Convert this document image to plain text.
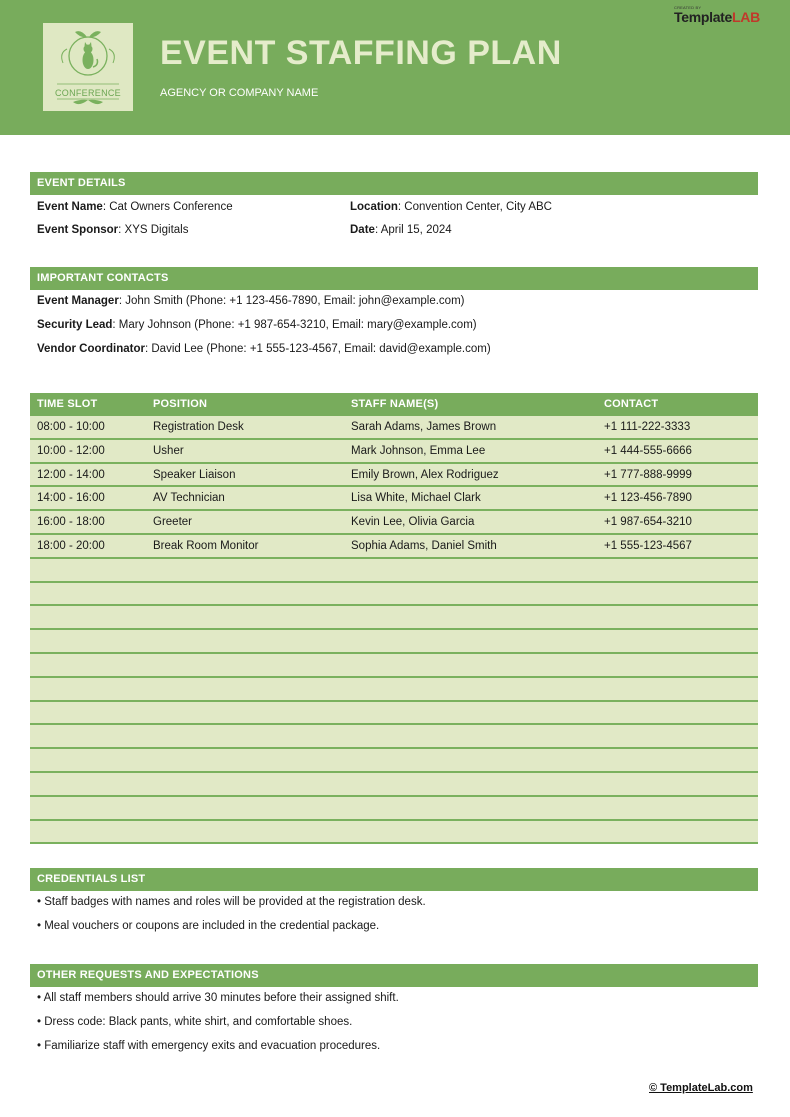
CONFERENCE
EVENT STAFFING PLAN
AGENCY OR COMPANY NAME
CREATED BY
TemplateLAB
EVENT DETAILS
Event Name: Cat Owners Conference	Location: Convention Center, City ABC
Event Sponsor: XYS Digitals	Date: April 15, 2024
IMPORTANT CONTACTS
Event Manager: John Smith (Phone: +1 123-456-7890, Email: john@example.com)
Security Lead: Mary Johnson (Phone: +1 987-654-3210, Email: mary@example.com)
Vendor Coordinator: David Lee (Phone: +1 555-123-4567, Email: david@example.com)
TIME SLOT	POSITION	STAFF NAME(S)	CONTACT
08:00 - 10:00	Registration Desk	Sarah Adams, James Brown	+1 111-222-3333
10:00 - 12:00	Usher	Mark Johnson, Emma Lee	+1 444-555-6666
12:00 - 14:00	Speaker Liaison	Emily Brown, Alex Rodriguez	+1 777-888-9999
14:00 - 16:00	AV Technician	Lisa White, Michael Clark	+1 123-456-7890
16:00 - 18:00	Greeter	Kevin Lee, Olivia Garcia	+1 987-654-3210
18:00 - 20:00	Break Room Monitor	Sophia Adams, Daniel Smith	+1 555-123-4567
CREDENTIALS LIST
• Staff badges with names and roles will be provided at the registration desk.
• Meal vouchers or coupons are included in the credential package.
OTHER REQUESTS AND EXPECTATIONS
• All staff members should arrive 30 minutes before their assigned shift.
• Dress code: Black pants, white shirt, and comfortable shoes.
• Familiarize staff with emergency exits and evacuation procedures.
© TemplateLab.com
